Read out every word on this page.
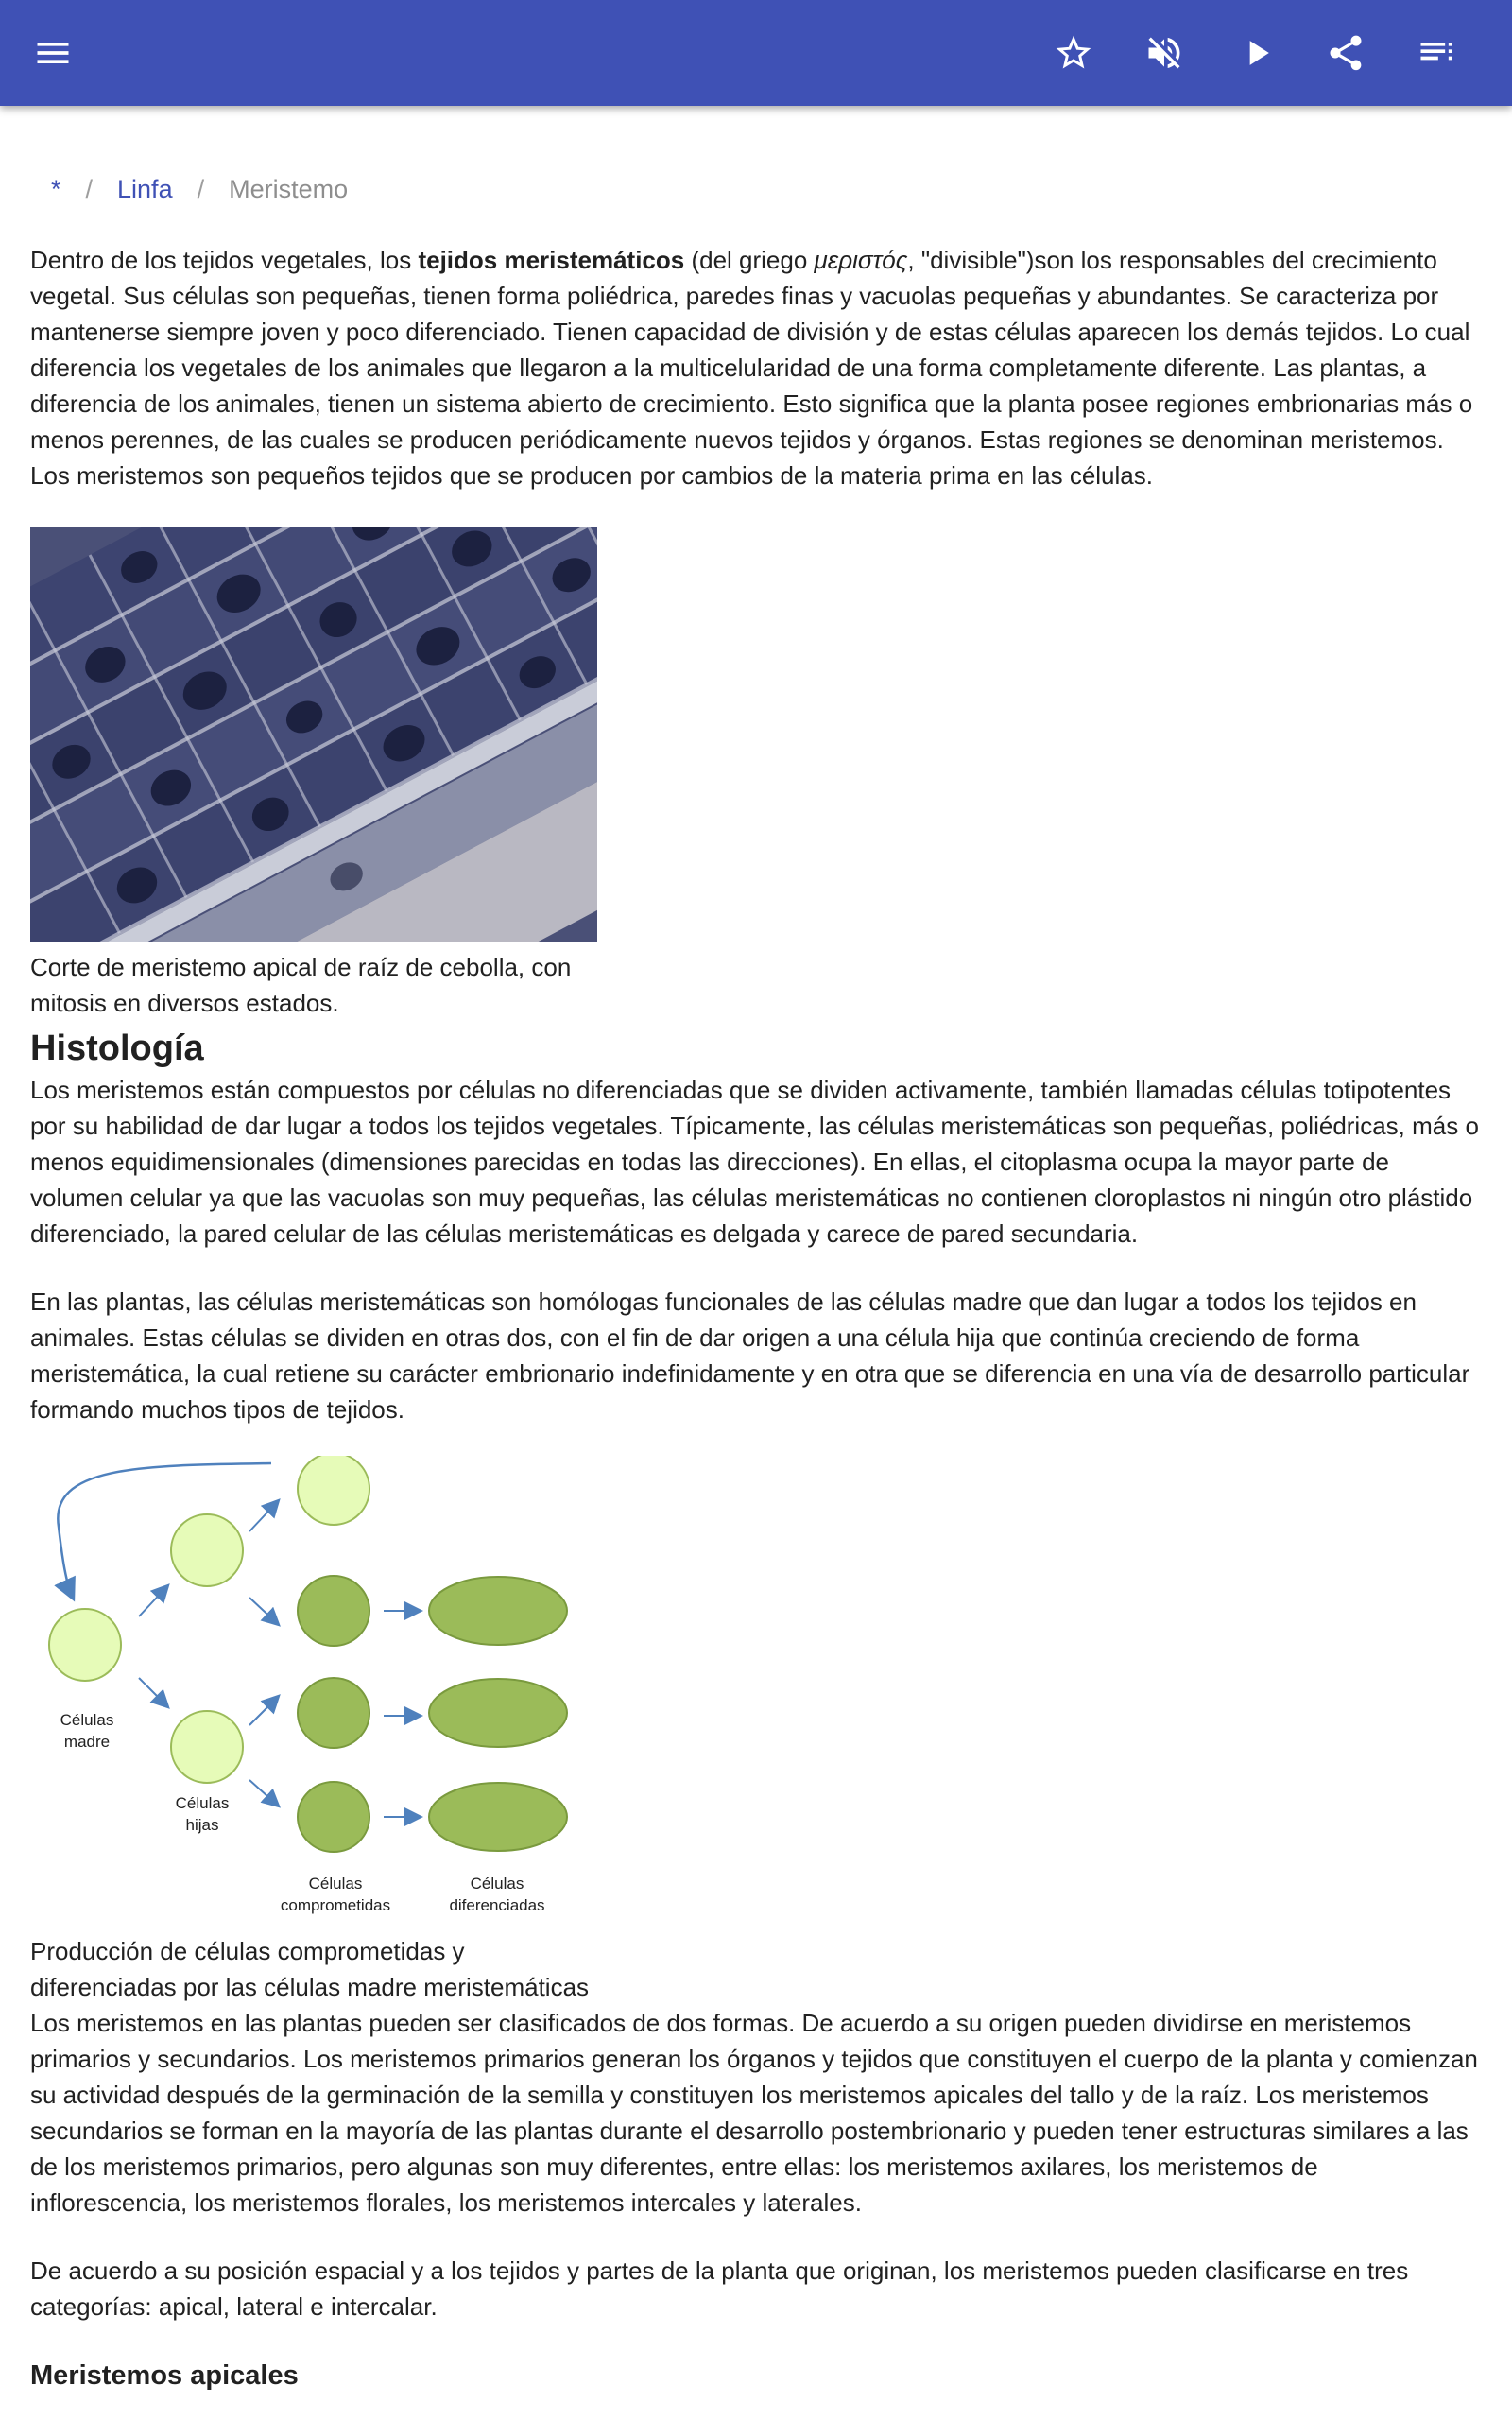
* / Linfa / Meristemo

Dentro de los tejidos vegetales, los tejidos meristemáticos (del griego μεριστός, "divisible")son los responsables del crecimiento vegetal. Sus células son pequeñas, tienen forma poliédrica, paredes finas y vacuolas pequeñas y abundantes. Se caracteriza por mantenerse siempre joven y poco diferenciado. Tienen capacidad de división y de estas células aparecen los demás tejidos. Lo cual diferencia los vegetales de los animales que llegaron a la multicelularidad de una forma completamente diferente. Las plantas, a diferencia de los animales, tienen un sistema abierto de crecimiento. Esto significa que la planta posee regiones embrionarias más o menos perennes, de las cuales se producen periódicamente nuevos tejidos y órganos. Estas regiones se denominan meristemos. Los meristemos son pequeños tejidos que se producen por cambios de la materia prima en las células.

Corte de meristemo apical de raíz de cebolla, con mitosis en diversos estados.
Histología

Los meristemos están compuestos por células no diferenciadas que se dividen activamente, también llamadas células totipotentes por su habilidad de dar lugar a todos los tejidos vegetales. Típicamente, las células meristemáticas son pequeñas, poliédricas, más o menos equidimensionales (dimensiones parecidas en todas las direcciones). En ellas, el citoplasma ocupa la mayor parte de volumen celular ya que las vacuolas son muy pequeñas, las células meristemáticas no contienen cloroplastos ni ningún otro plástido diferenciado, la pared celular de las células meristemáticas es delgada y carece de pared secundaria.

En las plantas, las células meristemáticas son homólogas funcionales de las células madre que dan lugar a todos los tejidos en animales. Estas células se dividen en otras dos, con el fin de dar origen a una célula hija que continúa creciendo de forma meristemática, la cual retiene su carácter embrionario indefinidamente y en otra que se diferencia en una vía de desarrollo particular formando muchos tipos de tejidos.

Células
madre
Células
hijas
Células
comprometidas
Células
diferenciadas
Producción de células comprometidas y
diferenciadas por las células madre meristemáticas

Los meristemos en las plantas pueden ser clasificados de dos formas. De acuerdo a su origen pueden dividirse en meristemos primarios y secundarios. Los meristemos primarios generan los órganos y tejidos que constituyen el cuerpo de la planta y comienzan su actividad después de la germinación de la semilla y constituyen los meristemos apicales del tallo y de la raíz. Los meristemos secundarios se forman en la mayoría de las plantas durante el desarrollo postembrionario y pueden tener estructuras similares a las de los meristemos primarios, pero algunas son muy diferentes, entre ellas: los meristemos axilares, los meristemos de inflorescencia, los meristemos florales, los meristemos intercales y laterales.

De acuerdo a su posición espacial y a los tejidos y partes de la planta que originan, los meristemos pueden clasificarse en tres categorías: apical, lateral e intercalar.

Meristemos apicales
